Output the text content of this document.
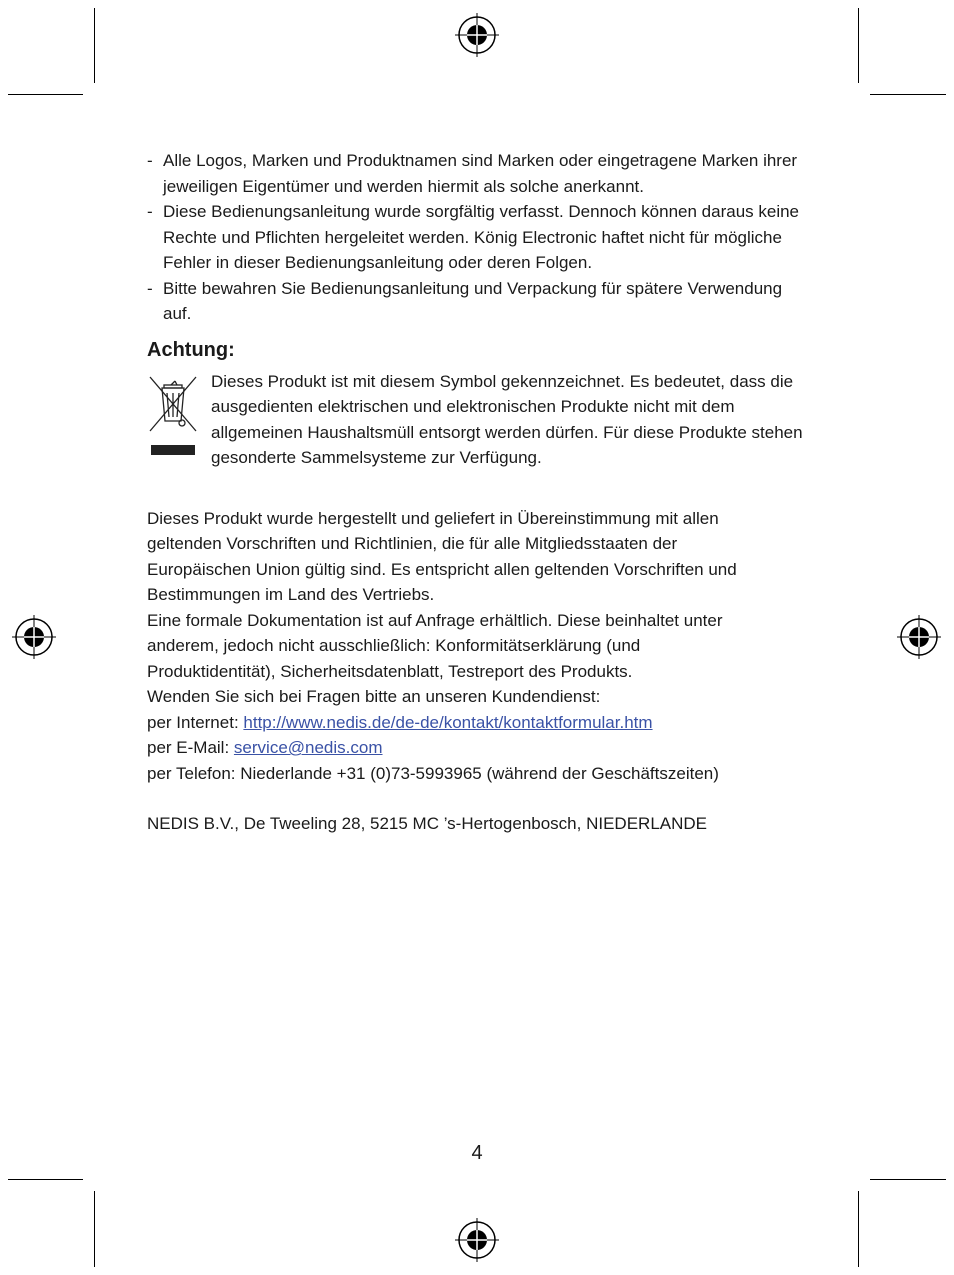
- Alle Logos, Marken und Produktnamen sind Marken oder eingetragene Marken ihrer jeweiligen Eigentümer und werden hiermit als solche anerkannt.
- Diese Bedienungsanleitung wurde sorgfältig verfasst. Dennoch können daraus keine Rechte und Pflichten hergeleitet werden. König Electronic haftet nicht für mögliche Fehler in dieser Bedienungsanleitung oder deren Folgen.
- Bitte bewahren Sie Bedienungsanleitung und Verpackung für spätere Verwendung auf.
Achtung:
Dieses Produkt ist mit diesem Symbol gekennzeichnet. Es bedeutet, dass die ausgedienten elektrischen und elektronischen Produkte nicht mit dem allgemeinen Haushaltsmüll entsorgt werden dürfen. Für diese Produkte stehen gesonderte Sammelsysteme zur Verfügung.
Dieses Produkt wurde hergestellt und geliefert in Übereinstimmung mit allen
geltenden Vorschriften und Richtlinien, die für alle Mitgliedsstaaten der
Europäischen Union gültig sind. Es entspricht allen geltenden Vorschriften und
Bestimmungen im Land des Vertriebs.
Eine formale Dokumentation ist auf Anfrage erhältlich. Diese beinhaltet unter
anderem, jedoch nicht ausschließlich: Konformitätserklärung (und
Produktidentität), Sicherheitsdatenblatt, Testreport des Produkts.
Wenden Sie sich bei Fragen bitte an unseren Kundendienst:
per Internet: http://www.nedis.de/de-de/kontakt/kontaktformular.htm
per E-Mail: service@nedis.com
per Telefon: Niederlande +31 (0)73-5993965 (während der Geschäftszeiten)
NEDIS B.V., De Tweeling 28, 5215 MC ’s-Hertogenbosch, NIEDERLANDE
4
